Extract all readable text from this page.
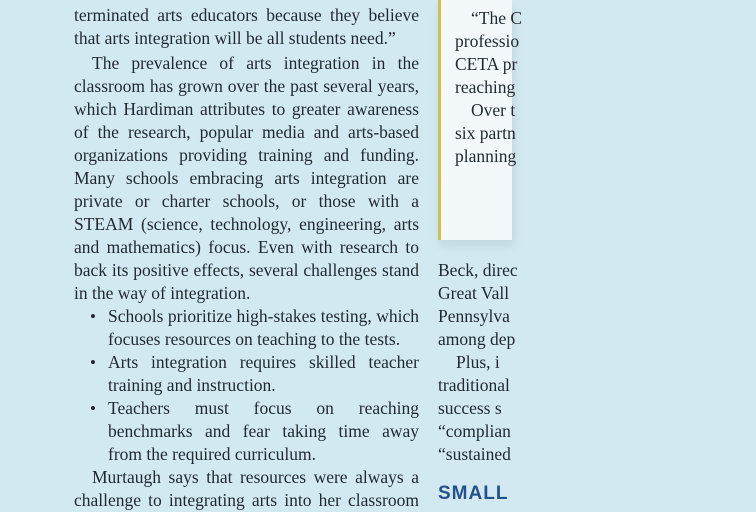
terminated arts educators because they believe
that arts integration will be all students need.”
The prevalence of arts integration in the
classroom has grown over the past several years,
which Hardiman attributes to greater awareness
of the research, popular media and arts-based
organizations providing training and funding.
Many schools embracing arts integration are
private or charter schools, or those with a
STEAM (science, technology, engineering, arts
and mathematics) focus. Even with research to
back its positive effects, several challenges stand
in the way of integration.
• Schools prioritize high-stakes testing, which
focuses resources on teaching to the tests.
• Arts integration requires skilled teacher
training and instruction.
• Teachers must focus on reaching
benchmarks and fear taking time away
from the required curriculum.
Murtaugh says that resources were always a
challenge to integrating arts into her classroom
“The C
professio
CETA pr
reaching
Over t
six partn
planning
Beck, direc
Great Vall
Pennsylva
among dep
Plus, i
traditional
success s
“complian
“sustained
SMALL
